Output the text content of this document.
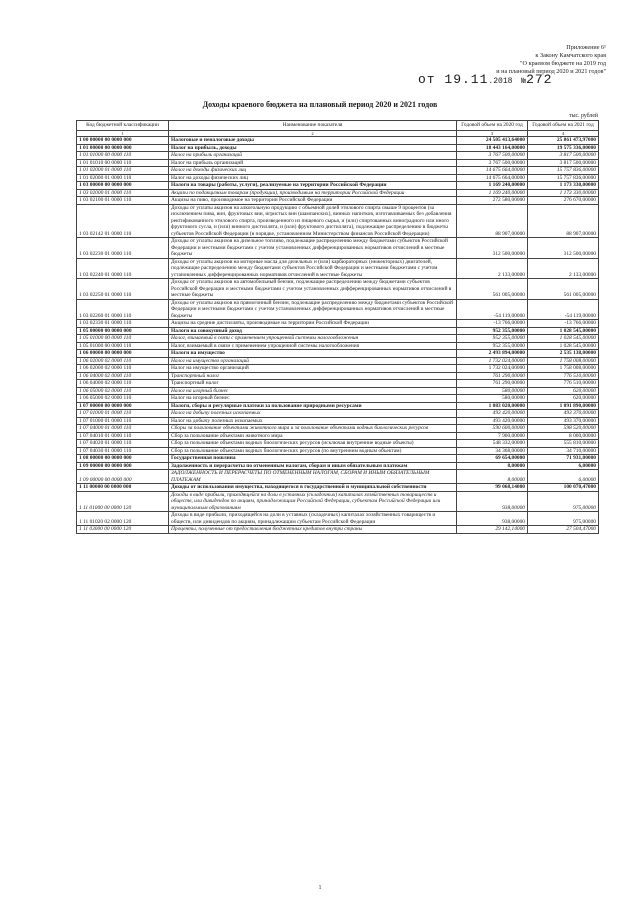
Приложение 6¹
к Закону Камчатского края
"О краевом бюджете на 2019 год
и на плановый период 2020 и 2021 годов"
от 19.11.2018 №272
Доходы краевого бюджета на плановый период 2020 и 2021 годов
тыс. рублей
Код бюджетной классификации	Наименование показателя	Годовой объем на 2020 год	Годовой объем на 2021 год
1	2	3	4
1 00 00000 00 0000 000	Налоговые и неналоговые доходы	24 505 413,64000	25 861 473,97000
1 01 00000 00 0000 000	Налог на прибыль, доходы	18 443 164,00000	19 575 336,00000
1 01 01000 00 0000 110	Налог на прибыль организаций	3 767 500,00000	3 817 500,00000
1 01 01010 00 0000 110	Налог на прибыль организаций	3 767 500,00000	3 817 500,00000
1 01 02000 01 0000 110	Налог на доходы физических лиц	14 675 664,00000	15 757 836,00000
1 01 02000 01 0000 110	Налог на доходы физических лиц	14 675 664,00000	15 757 836,00000
1 03 00000 00 0000 000	Налоги на товары (работы, услуги), реализуемые на территории Российской Федерации	1 169 240,00000	1 173 330,00000
1 03 02000 01 0000 110	Акцизы по подакцизным товарам (продукции), производимым на территории Российской Федерации	1 169 240,00000	1 173 330,00000
1 03 02100 01 0000 110	Акцизы на пиво, производимое на территории Российской Федерации	272 580,00000	276 670,00000
1 03 02142 01 0000 110	Доходы от уплаты акцизов на алкогольную продукцию с объемной долей этилового спирта свыше 9 процентов (за исключением пива, вин, фруктовых вин, игристых вин (шампанских), винных напитков, изготавливаемых без добавления ректификованного этилового спирта, произведенного из пищевого сырья, и (или) спиртованных виноградного или иного фруктового сусла, и (или) винного дистиллята, и (или) фруктового дистиллята), подлежащие распределению в бюджеты субъектов Российской Федерации (в порядке, установленном Министерством финансов Российской Федерации)	88 907,00000	88 907,00000
1 03 02230 01 0000 110	Доходы от уплаты акцизов на дизельное топливо, подлежащие распределению между бюджетами субъектов Российской Федерации и местными бюджетами с учетом установленных дифференцированных нормативов отчислений в местные бюджеты	312 500,00000	312 500,00000
1 03 02240 01 0000 110	Доходы от уплаты акцизов на моторные масла для дизельных и (или) карбюраторных (инжекторных) двигателей, подлежащие распределению между бюджетами субъектов Российской Федерации и местными бюджетами с учетом установленных дифференцированных нормативов отчислений в местные бюджеты	2 133,00000	2 133,00000
1 03 02250 01 0000 110	Доходы от уплаты акцизов на автомобильный бензин, подлежащие распределению между бюджетами субъектов Российской Федерации и местными бюджетами с учетом установленных дифференцированных нормативов отчислений в местные бюджеты	561 005,00000	561 005,00000
1 03 02260 01 0000 110	Доходы от уплаты акцизов на прямогонный бензин, подлежащие распределению между бюджетами субъектов Российской Федерации и местными бюджетами с учетом установленных дифференцированных нормативов отчислений в местные бюджеты	-54 119,00000	-54 119,00000
1 03 02330 01 0000 110	Акцизы на средние дистилляты, производимые на территории Российской Федерации	-13 766,00000	-13 766,00000
1 05 00000 00 0000 000	Налоги на совокупный доход	952 355,00000	1 028 545,00000
1 05 01000 00 0000 110	Налог, взимаемый в связи с применением упрощенной системы налогообложения	952 355,00000	1 028 545,00000
1 05 01000 00 0000 110	Налог, взимаемый в связи с применением упрощенной системы налогообложения	952 355,00000	1 028 545,00000
1 06 00000 00 0000 000	Налоги на имущество	2 493 894,00000	2 535 138,00000
1 06 02000 02 0000 110	Налог на имущество организаций	1 732 024,00000	1 758 008,00000
1 06 02000 02 0000 110	Налог на имущество организаций	1 732 024,00000	1 758 008,00000
1 06 04000 02 0000 110	Транспортный налог	761 290,00000	776 510,00000
1 06 04000 02 0000 110	Транспортный налог	761 290,00000	776 510,00000
1 06 05000 02 0000 110	Налог на игорный бизнес	580,00000	620,00000
1 06 05000 02 0000 110	Налог на игорный бизнес	580,00000	620,00000
1 07 00000 00 0000 000	Налоги, сборы и регулярные платежи за пользование природными ресурсами	1 083 020,00000	1 091 890,00000
1 07 01000 01 0000 110	Налог на добычу полезных ископаемых	493 420,00000	493 370,00000
1 07 01000 01 0000 110	Налог на добычу полезных ископаемых	493 420,00000	493 370,00000
1 07 04000 01 0000 110	Сборы за пользование объектами животного мира и за пользование объектами водных биологических ресурсов	590 600,00000	598 520,00000
1 07 04010 01 0000 110	Сбор за пользование объектами животного мира	7 900,00000	8 000,00000
1 07 04020 01 0000 110	Сбор за пользование объектами водных биологических ресурсов (исключая внутренние водные объекты)	548 332,00000	555 810,00000
1 07 04030 01 0000 110	Сбор за пользование объектами водных биологических ресурсов (по внутренним водным объектам)	34 368,00000	34 710,00000
1 08 00000 00 0000 000	Государственная пошлина	69 654,00000	71 931,00000
1 09 00000 00 0000 000	Задолженность и перерасчеты по отмененным налогам, сборам и иным обязательным платежам	8,00000	6,00000
1 09 00000 00 0000 000	ЗАДОЛЖЕННОСТЬ И ПЕРЕРАСЧЕТЫ ПО ОТМЕНЕННЫМ НАЛОГАМ, СБОРАМ И ИНЫМ ОБЯЗАТЕЛЬНЫМ ПЛАТЕЖАМ	8,00000	6,00000
1 11 00000 00 0000 000	Доходы от использования имущества, находящегося в государственной и муниципальной собственности	99 068,14000	100 070,47000
1 11 01000 00 0000 120	Доходы в виде прибыли, приходящейся на доли в уставных (складочных) капиталах хозяйственных товариществ и обществ, или дивидендов по акциям, принадлежащим Российской Федерации, субъектам Российской Федерации или муниципальным образованиям	938,00000	975,00000
1 11 01020 02 0000 120	Доходы в виде прибыли, приходящейся на доли в уставных (складочных) капиталах хозяйственных товариществ и обществ, или дивидендов по акциям, принадлежащим субъектам Российской Федерации	938,00000	975,00000
1 11 03000 00 0000 120	Проценты, полученные от предоставления бюджетных кредитов внутри страны	29 142,14000	27 504,47000
1
